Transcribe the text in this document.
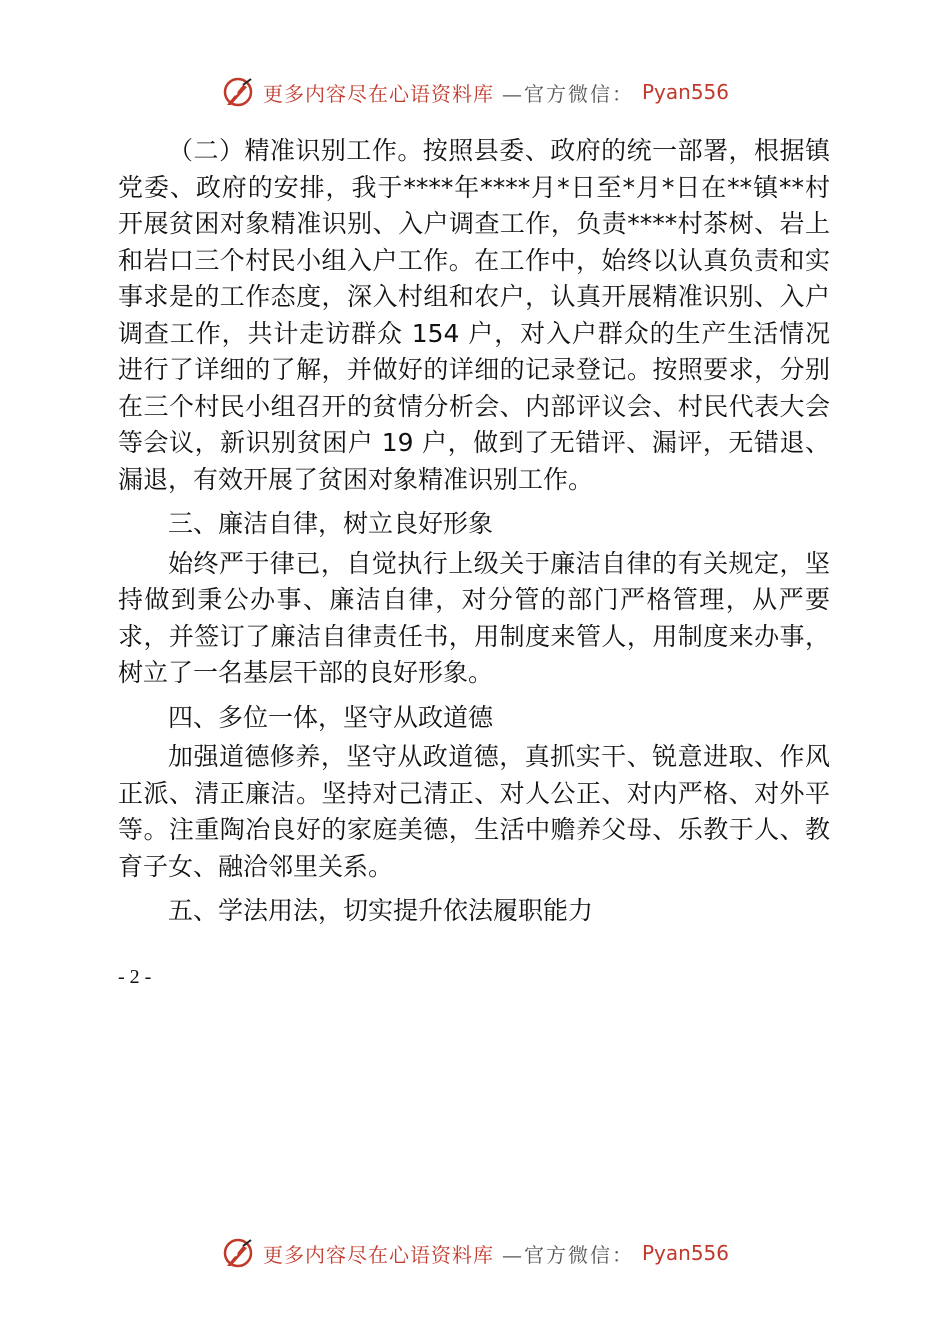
更多内容尽在心语资料库 —官方微信： Pyan556

（二）精准识别工作。按照县委、政府的统一部署，根据镇党委、政府的安排，我于****年****月*日至*月*日在**镇**村开展贫困对象精准识别、入户调查工作，负责****村茶树、岩上和岩口三个村民小组入户工作。在工作中，始终以认真负责和实事求是的工作态度，深入村组和农户，认真开展精准识别、入户调查工作，共计走访群众 154 户，对入户群众的生产生活情况进行了详细的了解，并做好的详细的记录登记。按照要求，分别在三个村民小组召开的贫情分析会、内部评议会、村民代表大会等会议，新识别贫困户 19 户，做到了无错评、漏评，无错退、漏退，有效开展了贫困对象精准识别工作。

三、廉洁自律，树立良好形象

始终严于律已，自觉执行上级关于廉洁自律的有关规定，坚持做到秉公办事、廉洁自律，对分管的部门严格管理，从严要求，并签订了廉洁自律责任书，用制度来管人，用制度来办事，树立了一名基层干部的良好形象。

四、多位一体，坚守从政道德

加强道德修养，坚守从政道德，真抓实干、锐意进取、作风正派、清正廉洁。坚持对己清正、对人公正、对内严格、对外平等。注重陶冶良好的家庭美德，生活中赡养父母、乐教于人、教育子女、融洽邻里关系。

五、学法用法，切实提升依法履职能力

- 2 -
更多内容尽在心语资料库 —官方微信： Pyan556
